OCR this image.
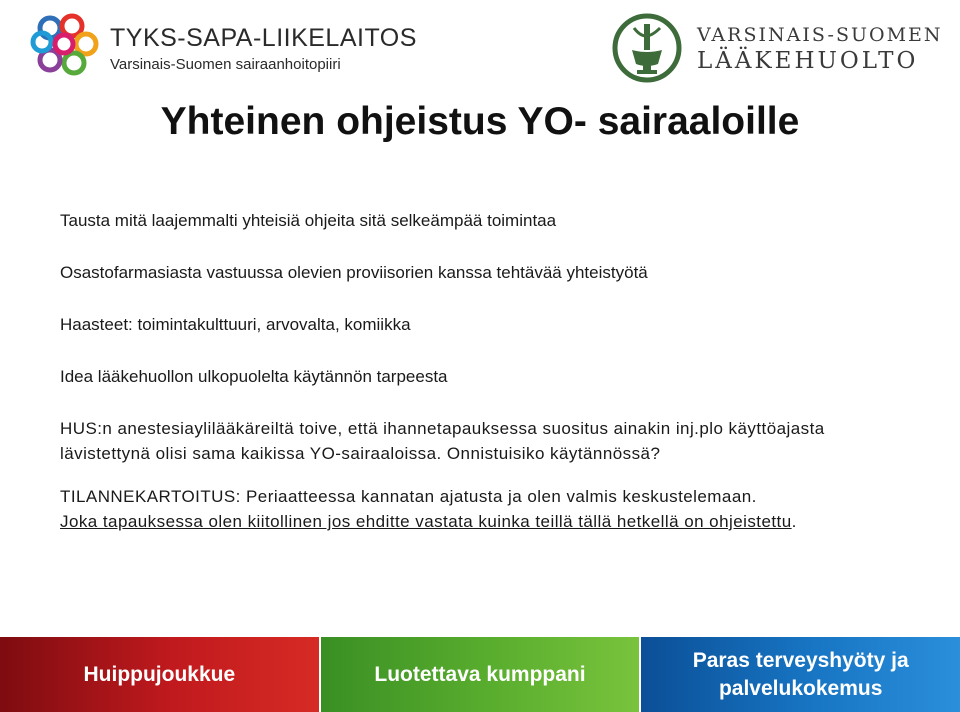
TYKS-SAPA-LIIKELAITOS
Varsinais-Suomen sairaanhoitopiiri
VARSINAIS-SUOMEN
LÄÄKEHUOLTO
Yhteinen ohjeistus YO- sairaaloille

Tausta mitä laajemmalti yhteisiä ohjeita sitä selkeämpää toimintaa

Osastofarmasiasta vastuussa olevien proviisorien kanssa tehtävää yhteistyötä

Haasteet: toimintakulttuuri, arvovalta, komiikka

Idea lääkehuollon ulkopuolelta käytännön tarpeesta

HUS:n anestesiaylilääkäreiltä toive, että ihannetapauksessa suositus ainakin inj.plo käyttöajasta lävistettynä olisi sama kaikissa YO-sairaaloissa. Onnistuisiko käytännössä?

TILANNEKARTOITUS: Periaatteessa kannatan ajatusta ja olen valmis keskustelemaan.
Joka tapauksessa olen kiitollinen jos ehditte vastata kuinka teillä tällä hetkellä on ohjeistettu.

Huippujoukkue	Luotettava kumppani
Paras terveyshyöty ja palvelukokemus
